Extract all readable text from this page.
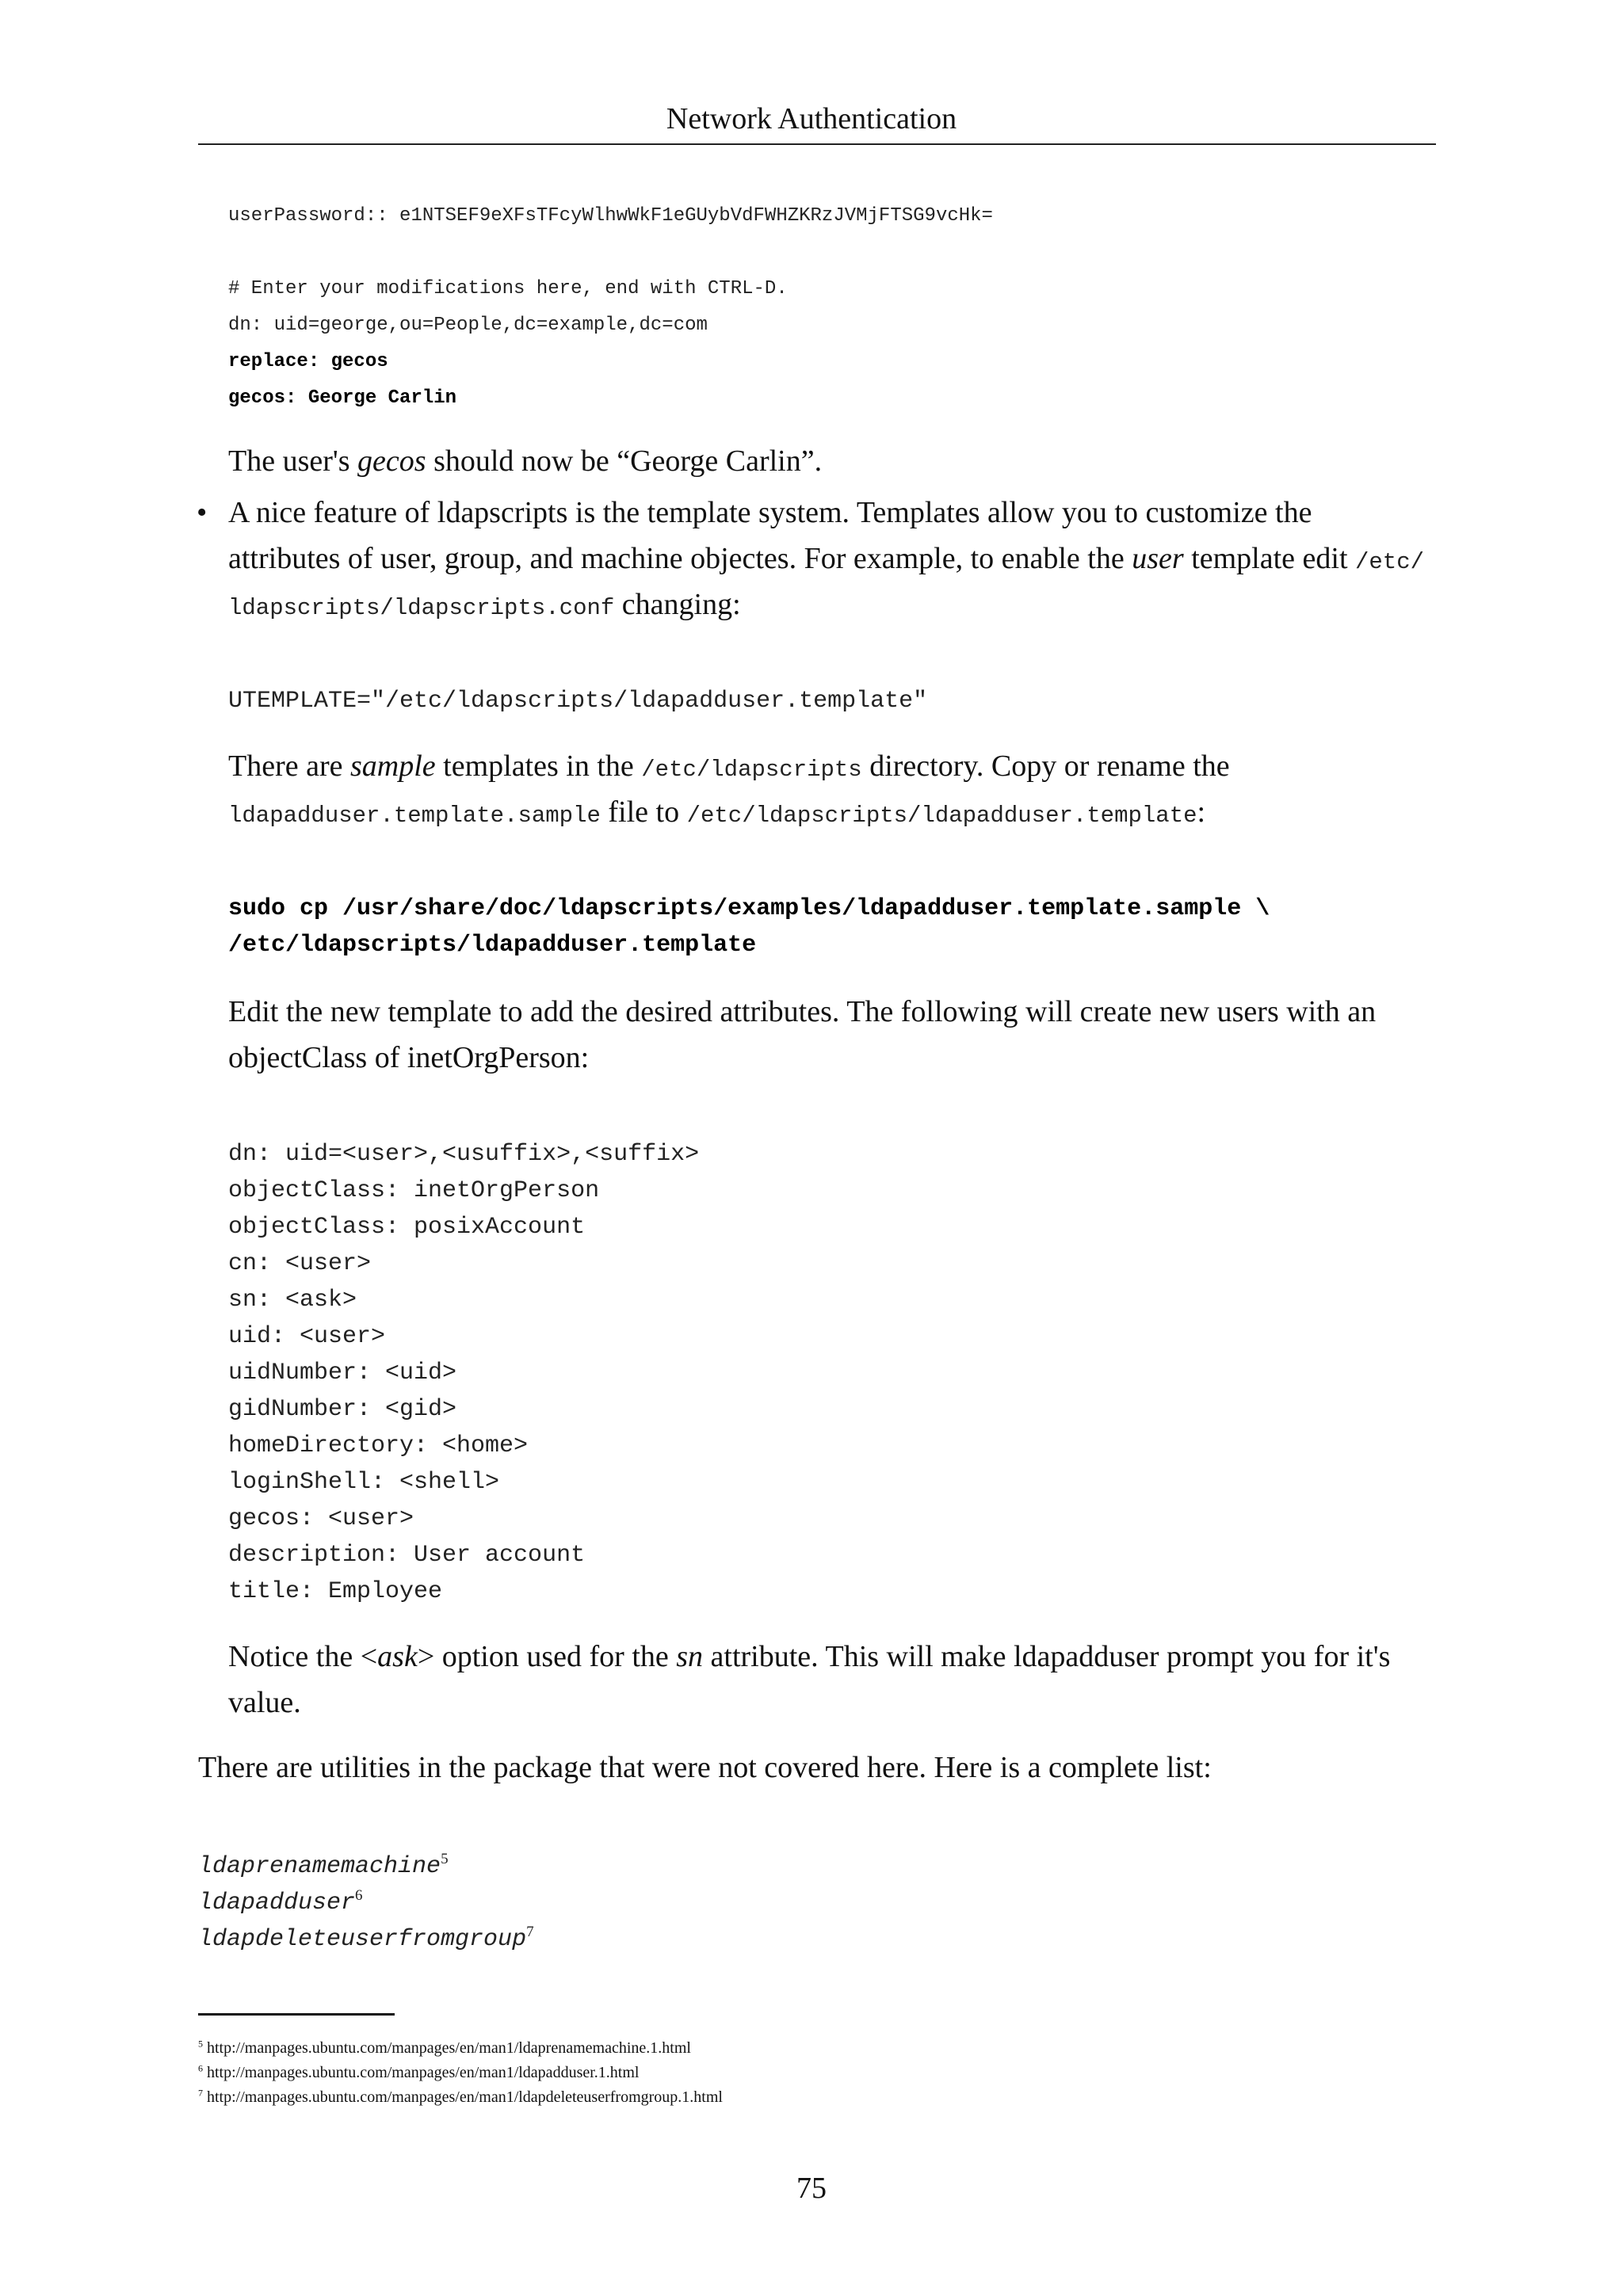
Network Authentication
userPassword:: e1NTSEF9eXFsTFcyWlhwWkF1eGUybVdFWHZKRzJVMjFTSG9vcHk=
# Enter your modifications here, end with CTRL-D.
dn: uid=george,ou=People,dc=example,dc=com
replace: gecos
gecos: George Carlin
The user's gecos should now be “George Carlin”.
• A nice feature of ldapscripts is the template system. Templates allow you to customize the
attributes of user, group, and machine objectes. For example, to enable the user template edit /etc/
ldapscripts/ldapscripts.conf changing:
UTEMPLATE="/etc/ldapscripts/ldapadduser.template"
There are sample templates in the /etc/ldapscripts directory. Copy or rename the
ldapadduser.template.sample file to /etc/ldapscripts/ldapadduser.template:
sudo cp /usr/share/doc/ldapscripts/examples/ldapadduser.template.sample \
/etc/ldapscripts/ldapadduser.template
Edit the new template to add the desired attributes. The following will create new users with an
objectClass of inetOrgPerson:
dn: uid=<user>,<usuffix>,<suffix>
objectClass: inetOrgPerson
objectClass: posixAccount
cn: <user>
sn: <ask>
uid: <user>
uidNumber: <uid>
gidNumber: <gid>
homeDirectory: <home>
loginShell: <shell>
gecos: <user>
description: User account
title: Employee
Notice the <ask> option used for the sn attribute. This will make ldapadduser prompt you for it's
value.
There are utilities in the package that were not covered here. Here is a complete list:
ldaprenamemachine$^5$
ldapadduser$^6$
ldapdeleteuserfromgroup$^7$
$^5$ http://manpages.ubuntu.com/manpages/en/man1/ldaprenamemachine.1.html
$^6$ http://manpages.ubuntu.com/manpages/en/man1/ldapadduser.1.html
$^7$ http://manpages.ubuntu.com/manpages/en/man1/ldapdeleteuserfromgroup.1.html
75
